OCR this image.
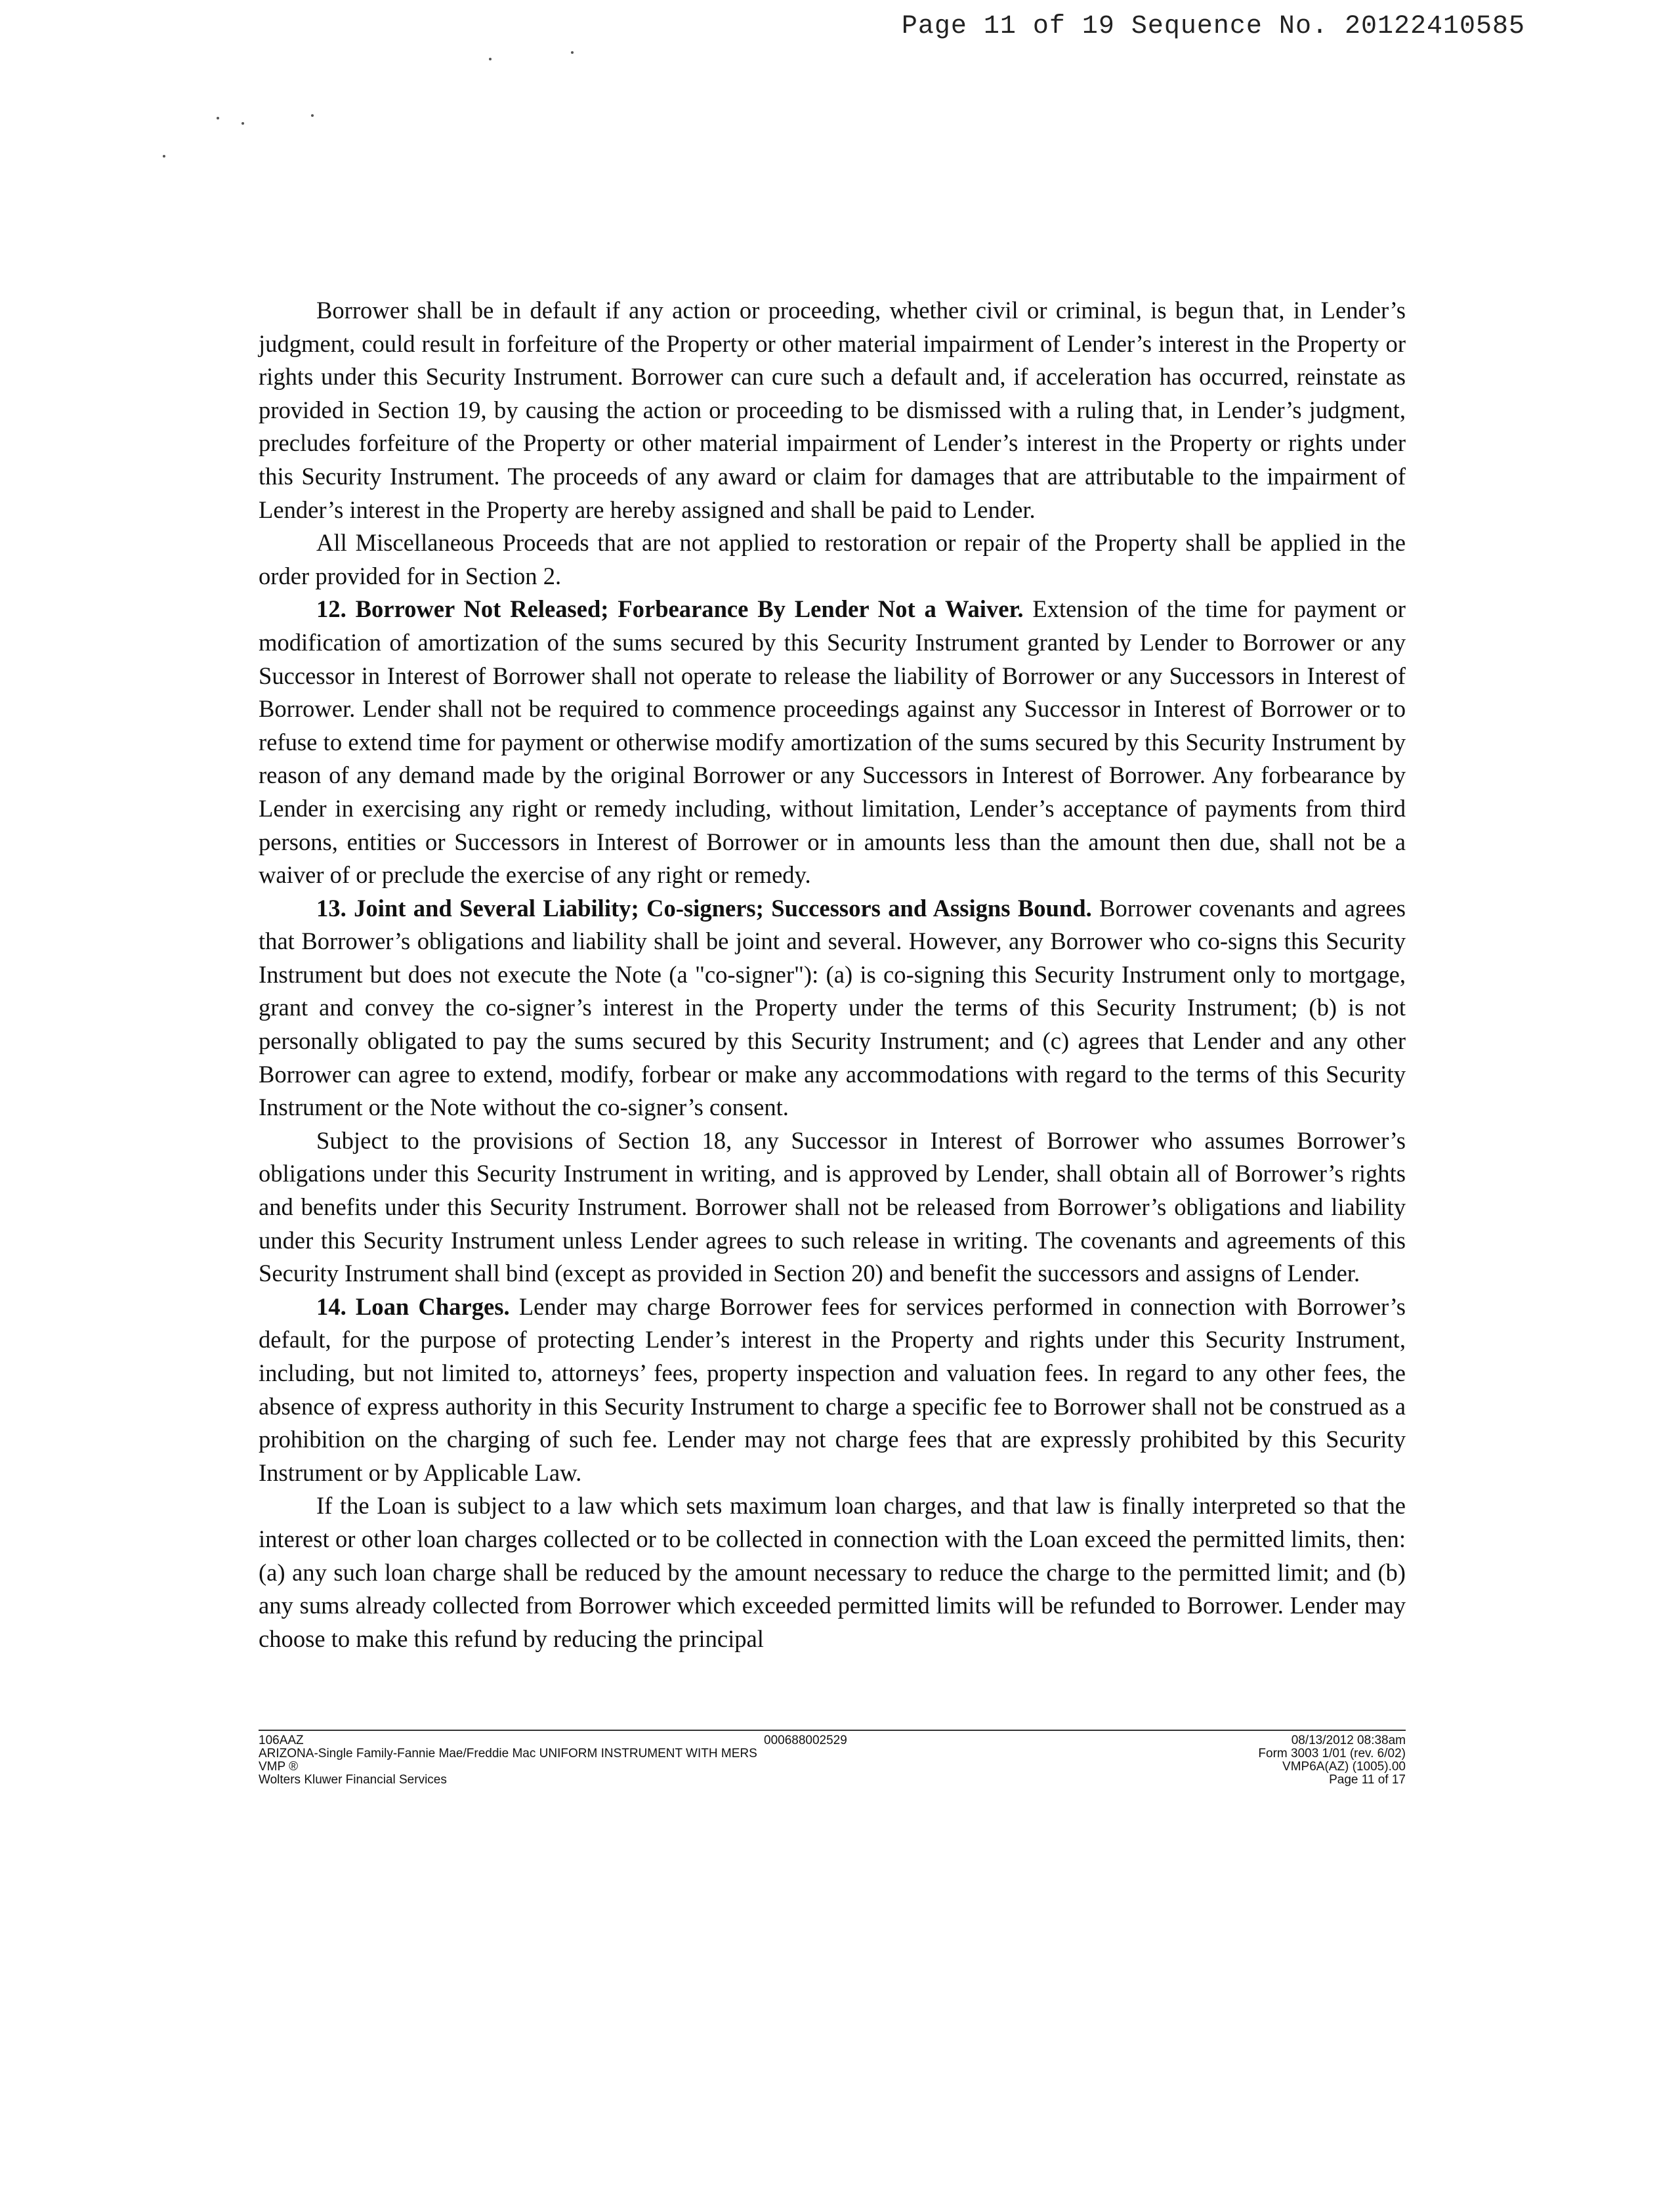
Page 11 of 19 Sequence No. 20122410585

Borrower shall be in default if any action or proceeding, whether civil or criminal, is begun that, in Lender’s judgment, could result in forfeiture of the Property or other material impairment of Lender’s interest in the Property or rights under this Security Instrument. Borrower can cure such a default and, if acceleration has occurred, reinstate as provided in Section 19, by causing the action or proceeding to be dismissed with a ruling that, in Lender’s judgment, precludes forfeiture of the Property or other material impairment of Lender’s interest in the Property or rights under this Security Instrument. The proceeds of any award or claim for damages that are attributable to the impairment of Lender’s interest in the Property are hereby assigned and shall be paid to Lender.

All Miscellaneous Proceeds that are not applied to restoration or repair of the Property shall be applied in the order provided for in Section 2.

12. Borrower Not Released; Forbearance By Lender Not a Waiver. Extension of the time for payment or modification of amortization of the sums secured by this Security Instrument granted by Lender to Borrower or any Successor in Interest of Borrower shall not operate to release the liability of Borrower or any Successors in Interest of Borrower. Lender shall not be required to commence proceedings against any Successor in Interest of Borrower or to refuse to extend time for payment or otherwise modify amortization of the sums secured by this Security Instrument by reason of any demand made by the original Borrower or any Successors in Interest of Borrower. Any forbearance by Lender in exercising any right or remedy including, without limitation, Lender’s acceptance of payments from third persons, entities or Successors in Interest of Borrower or in amounts less than the amount then due, shall not be a waiver of or preclude the exercise of any right or remedy.

13. Joint and Several Liability; Co-signers; Successors and Assigns Bound. Borrower covenants and agrees that Borrower’s obligations and liability shall be joint and several. However, any Borrower who co-signs this Security Instrument but does not execute the Note (a "co-signer"): (a) is co-signing this Security Instrument only to mortgage, grant and convey the co-signer’s interest in the Property under the terms of this Security Instrument; (b) is not personally obligated to pay the sums secured by this Security Instrument; and (c) agrees that Lender and any other Borrower can agree to extend, modify, forbear or make any accommodations with regard to the terms of this Security Instrument or the Note without the co-signer’s consent.

Subject to the provisions of Section 18, any Successor in Interest of Borrower who assumes Borrower’s obligations under this Security Instrument in writing, and is approved by Lender, shall obtain all of Borrower’s rights and benefits under this Security Instrument. Borrower shall not be released from Borrower’s obligations and liability under this Security Instrument unless Lender agrees to such release in writing. The covenants and agreements of this Security Instrument shall bind (except as provided in Section 20) and benefit the successors and assigns of Lender.

14. Loan Charges. Lender may charge Borrower fees for services performed in connection with Borrower’s default, for the purpose of protecting Lender’s interest in the Property and rights under this Security Instrument, including, but not limited to, attorneys’ fees, property inspection and valuation fees. In regard to any other fees, the absence of express authority in this Security Instrument to charge a specific fee to Borrower shall not be construed as a prohibition on the charging of such fee. Lender may not charge fees that are expressly prohibited by this Security Instrument or by Applicable Law.

If the Loan is subject to a law which sets maximum loan charges, and that law is finally interpreted so that the interest or other loan charges collected or to be collected in connection with the Loan exceed the permitted limits, then: (a) any such loan charge shall be reduced by the amount necessary to reduce the charge to the permitted limit; and (b) any sums already collected from Borrower which exceeded permitted limits will be refunded to Borrower. Lender may choose to make this refund by reducing the principal

106AAZ
ARIZONA-Single Family-Fannie Mae/Freddie Mac UNIFORM INSTRUMENT WITH MERS
VMP ®
Wolters Kluwer Financial Services
08/13/2012 08:38am
Form 3003 1/01 (rev. 6/02)
VMP6A(AZ) (1005).00
Page 11 of 17
000688002529
